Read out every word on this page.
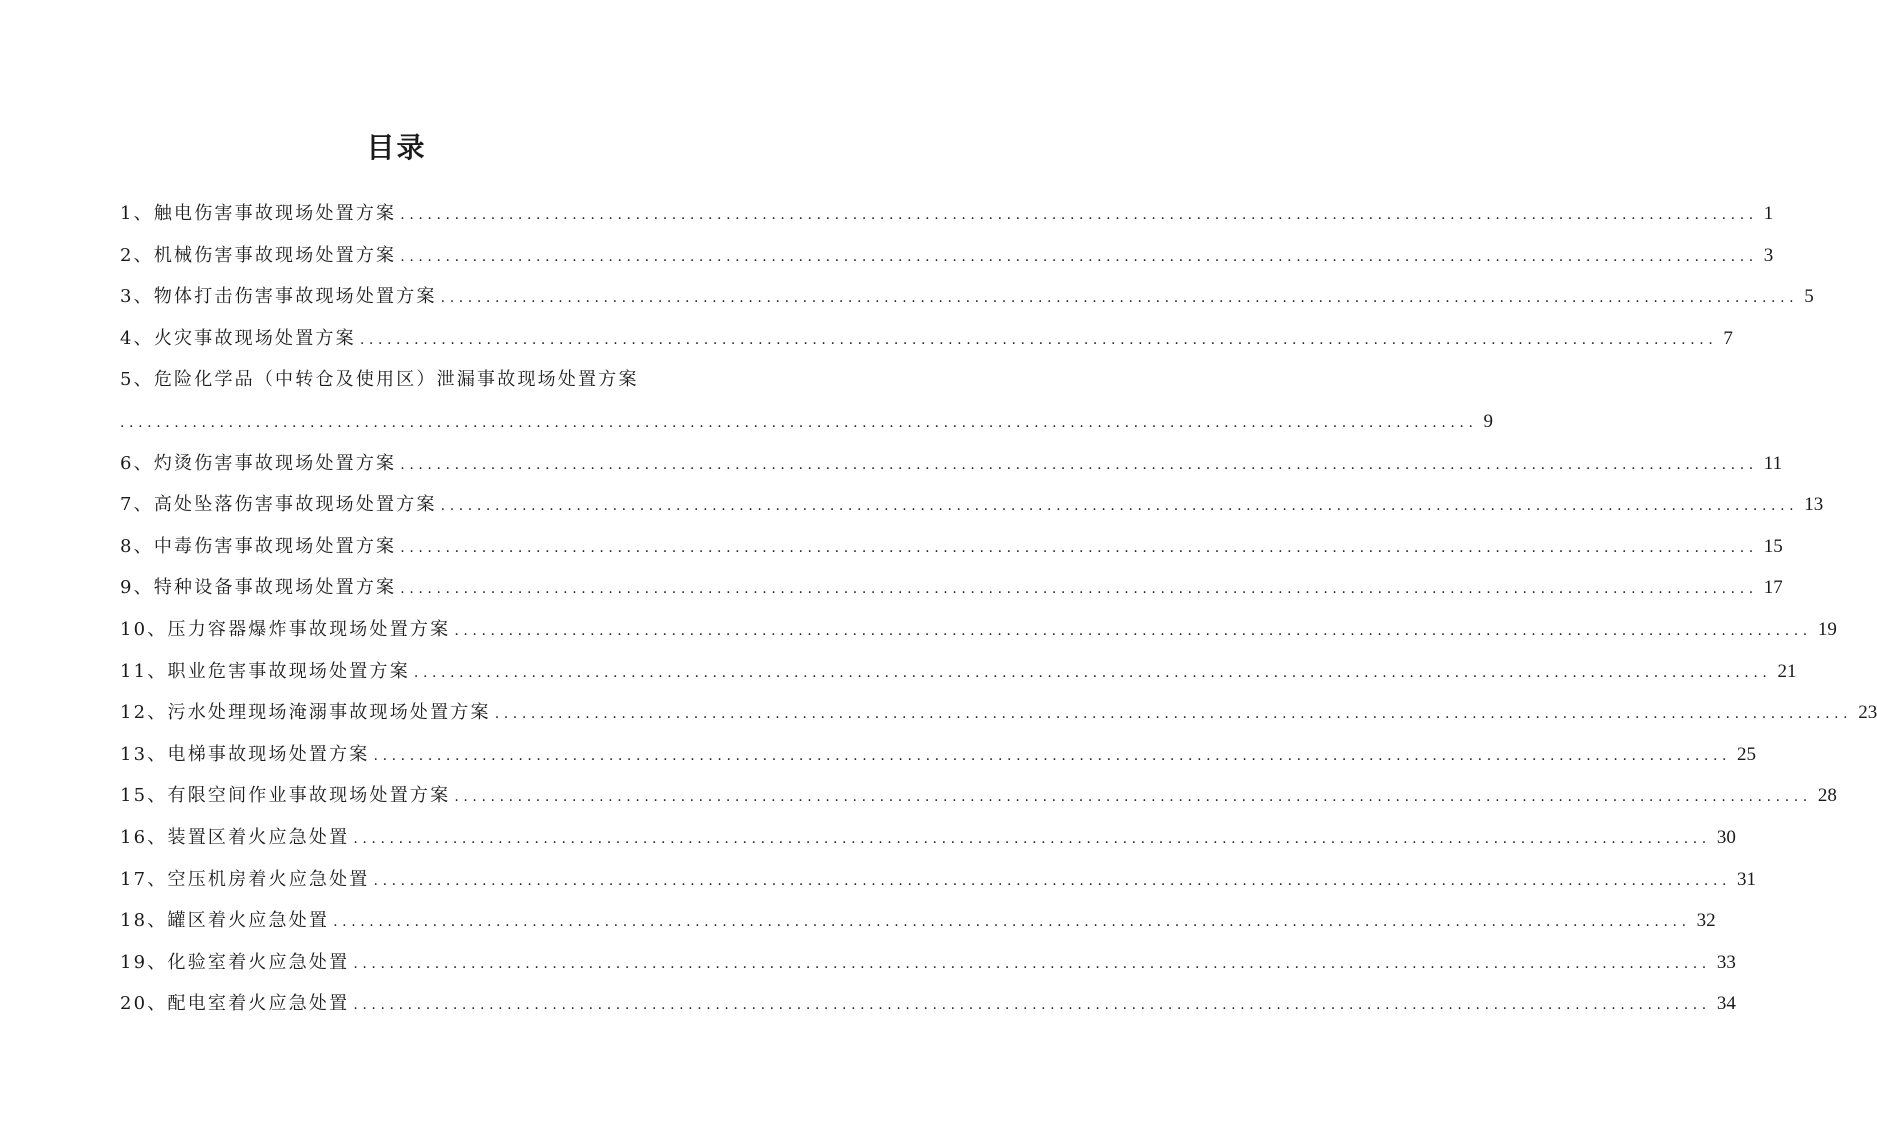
目录
1、触电伤害事故现场处置方案 ...................................................................................................................................................... 1
2、机械伤害事故现场处置方案 ...................................................................................................................................................... 3
3、物体打击伤害事故现场处置方案 ...................................................................................................................................................... 5
4、火灾事故现场处置方案 ...................................................................................................................................................... 7
5、危险化学品（中转仓及使用区）泄漏事故现场处置方案
...................................................................................................................................................... 9
6、灼烫伤害事故现场处置方案 ...................................................................................................................................................... 11
7、高处坠落伤害事故现场处置方案 ...................................................................................................................................................... 13
8、中毒伤害事故现场处置方案 ...................................................................................................................................................... 15
9、特种设备事故现场处置方案 ...................................................................................................................................................... 17
10、压力容器爆炸事故现场处置方案 ...................................................................................................................................................... 19
11、职业危害事故现场处置方案 ...................................................................................................................................................... 21
12、污水处理现场淹溺事故现场处置方案 ...................................................................................................................................................... 23
13、电梯事故现场处置方案 ...................................................................................................................................................... 25
15、有限空间作业事故现场处置方案 ...................................................................................................................................................... 28
16、装置区着火应急处置 ...................................................................................................................................................... 30
17、空压机房着火应急处置 ...................................................................................................................................................... 31
18、罐区着火应急处置 ...................................................................................................................................................... 32
19、化验室着火应急处置 ...................................................................................................................................................... 33
20、配电室着火应急处置 ...................................................................................................................................................... 34
